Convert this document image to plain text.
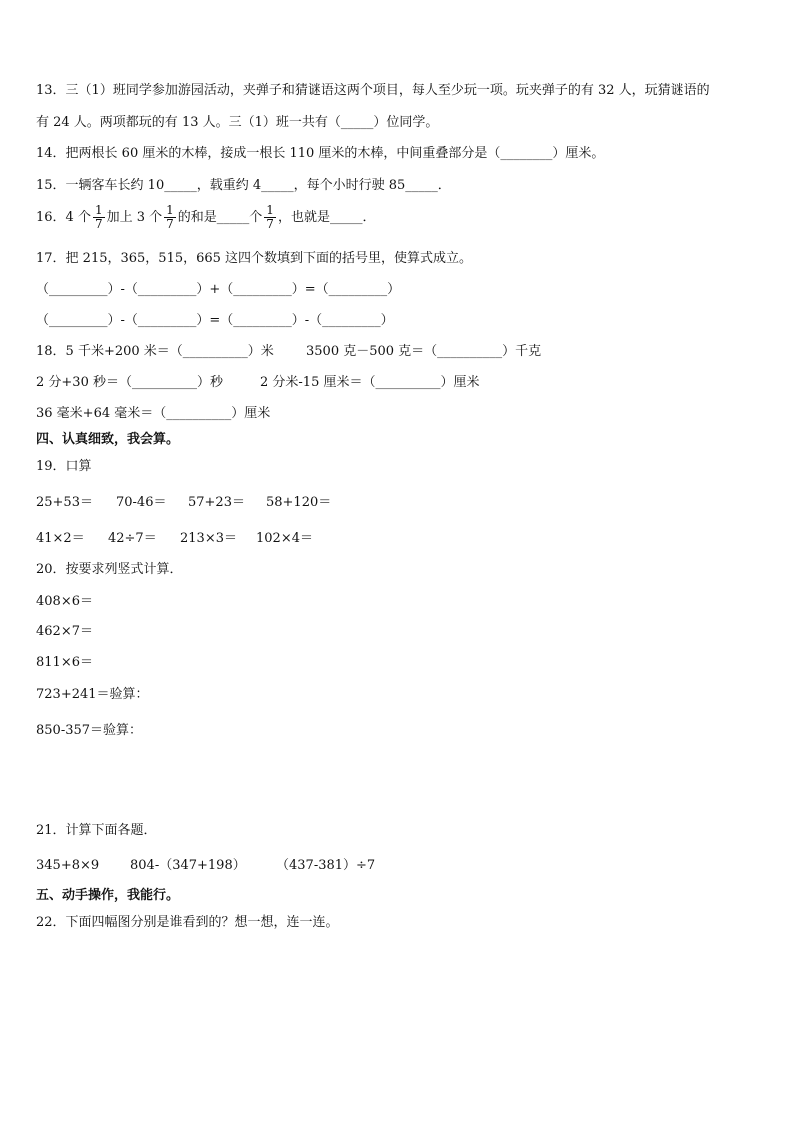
13．三（1）班同学参加游园活动，夹弹子和猜谜语这两个项目，每人至少玩一项。玩夹弹子的有 32 人，玩猜谜语的
有 24 人。两项都玩的有 13 人。三（1）班一共有（_____）位同学。
14．把两根长 60 厘米的木棒，接成一根长 110 厘米的木棒，中间重叠部分是（________）厘米。
15．一辆客车长约 10_____，载重约 4_____，每个小时行驶 85_____．
16．4 个 $\frac{1}{7}$ 加上 3 个 $\frac{1}{7}$ 的和是_____个 $\frac{1}{7}$ ，也就是_____．
17．把 215，365，515，665 这四个数填到下面的括号里，使算式成立。
（_________）-（_________）+（_________）=（_________）
（_________）-（_________）=（_________）-（_________）
18．5 千米+200 米＝（__________）米 3500 克－500 克＝（__________）千克
2 分+30 秒＝（__________）秒	2 分米-15 厘米＝（__________）厘米
36 毫米+64 毫米＝（__________）厘米
四、认真细致，我会算。
19．口算
25+53＝ 70-46＝ 57+23＝ 58+120＝
41×2＝ 42÷7＝ 213×3＝ 102×4＝
20．按要求列竖式计算．
408×6＝
462×7＝
811×6＝
723+241＝验算：
850-357＝验算：
21．计算下面各题．
345+8×9 804-（347+198） （437-381）÷7
五、动手操作，我能行。
22．下面四幅图分别是谁看到的？想一想，连一连。
